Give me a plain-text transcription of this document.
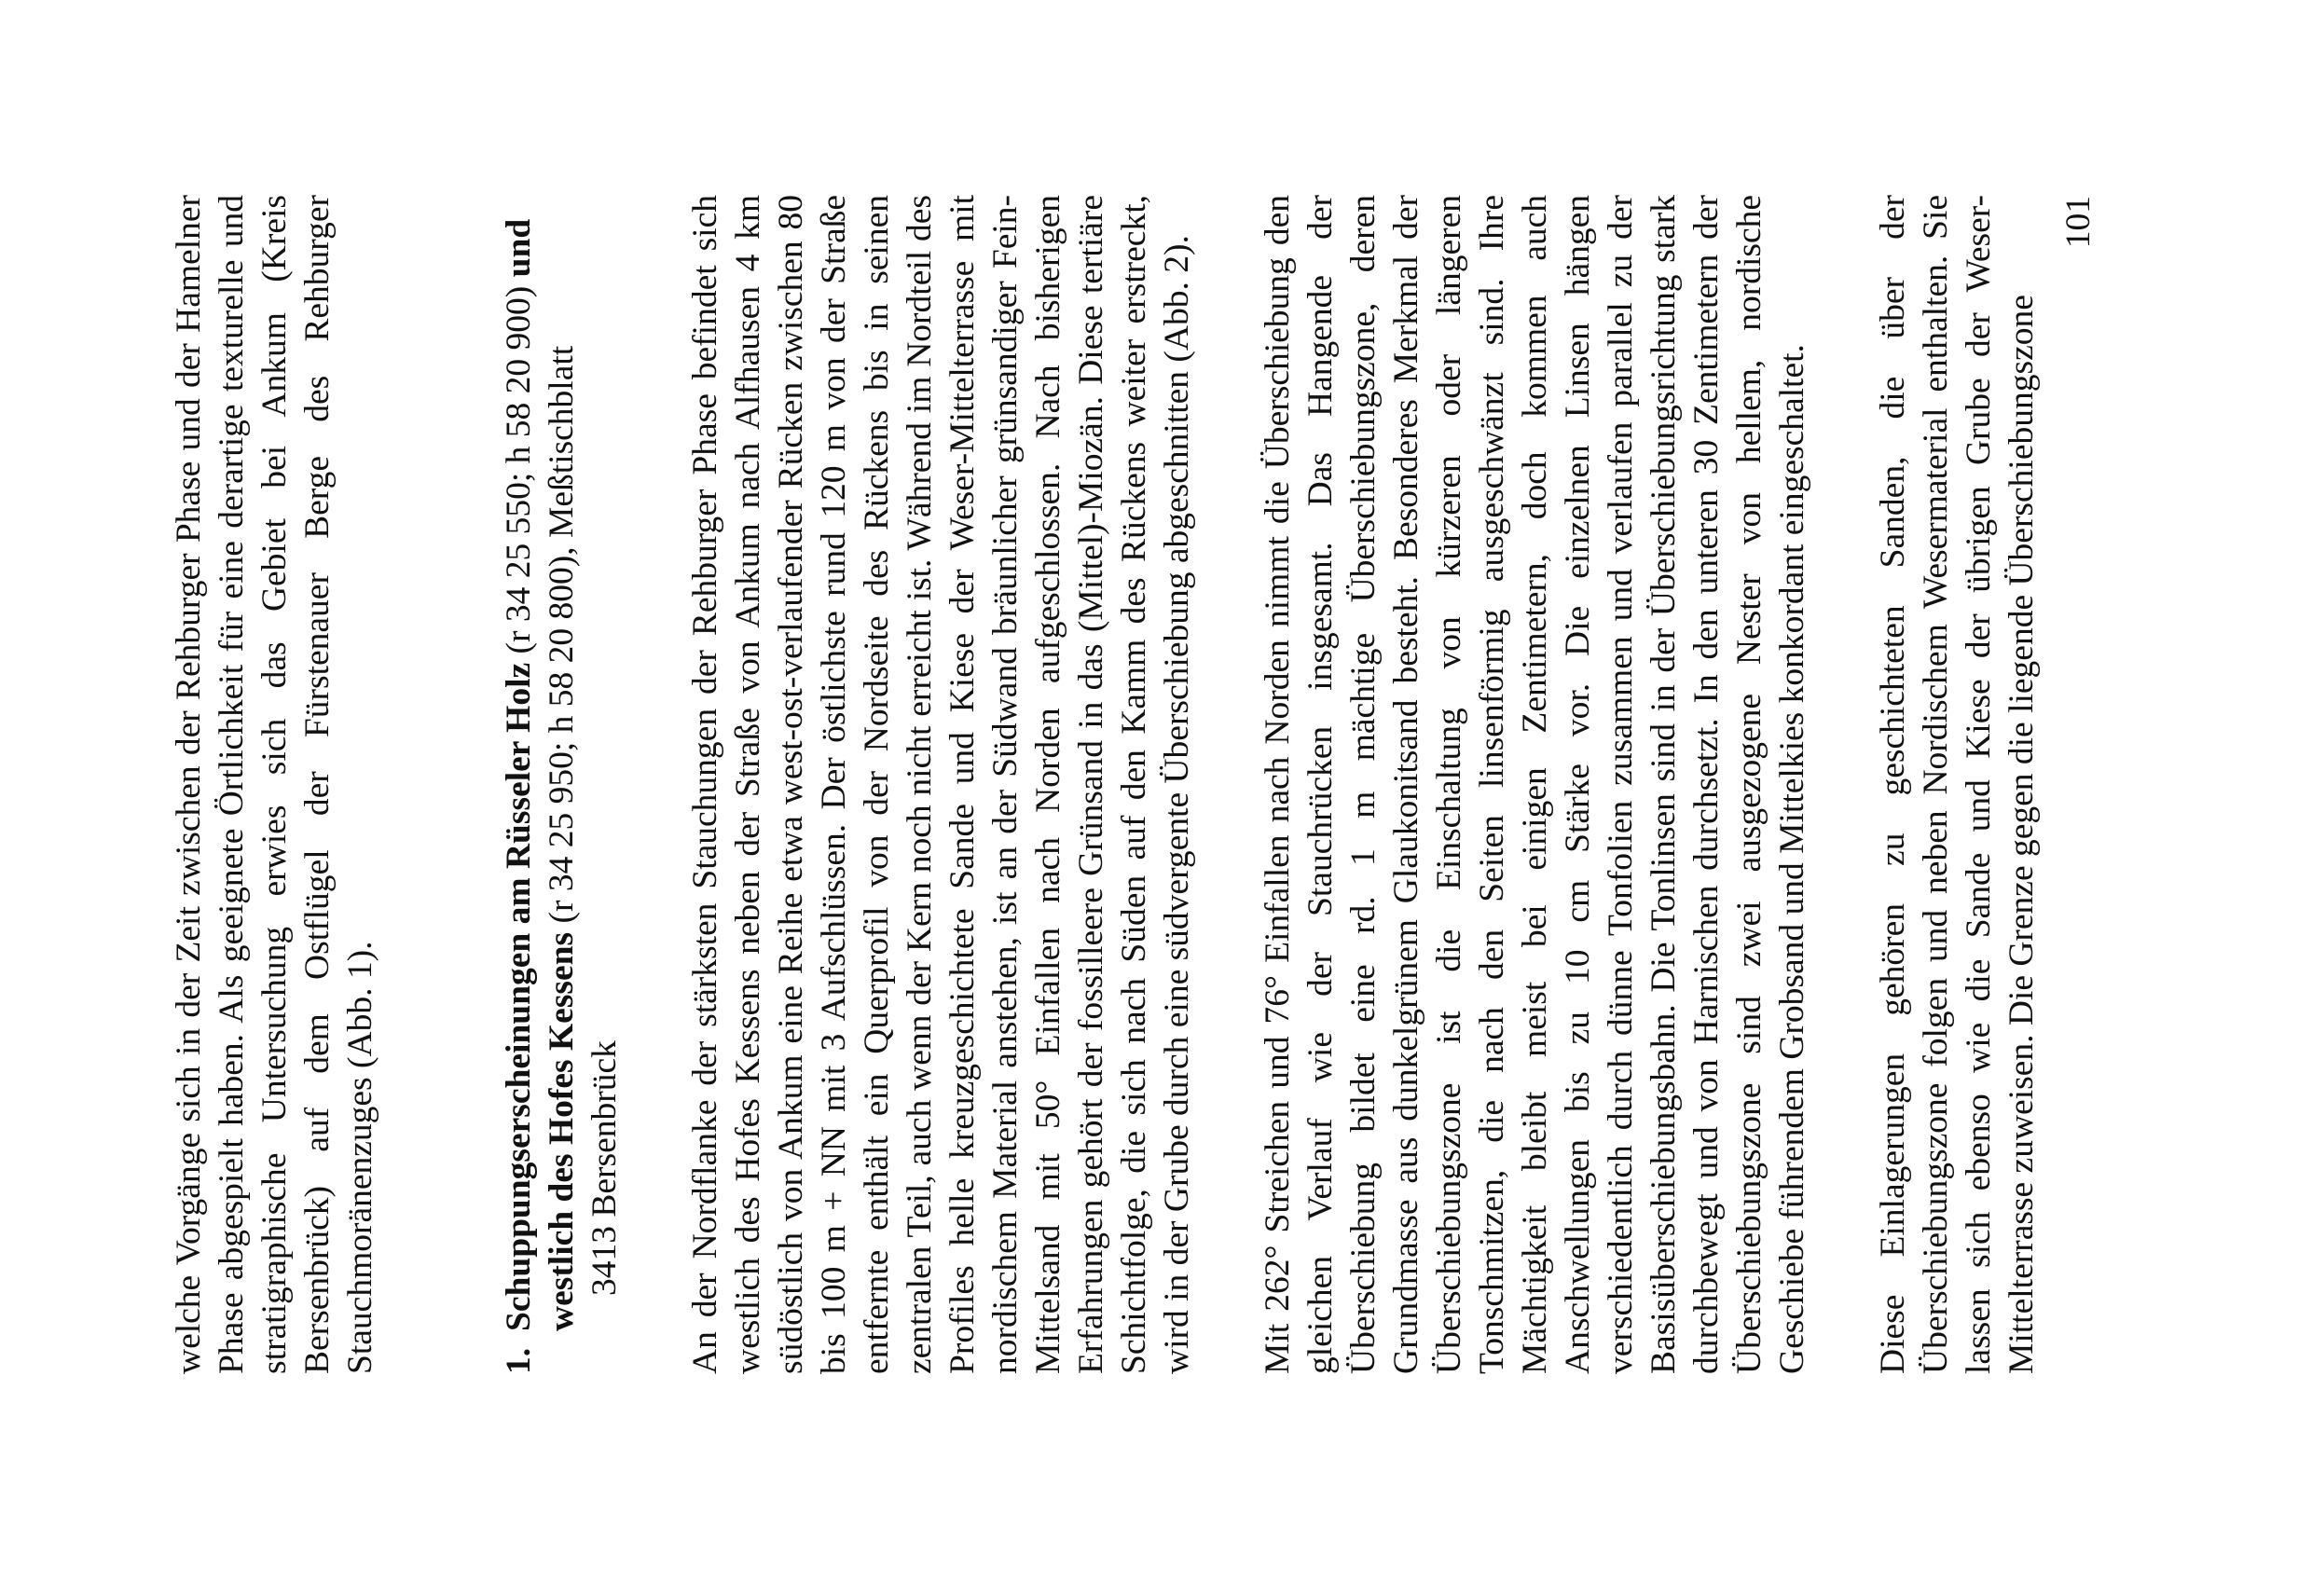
welche Vorgänge sich in der Zeit zwischen der Rehburger Phase und der Hamelner Phase abgespielt haben. Als geeignete Örtlichkeit für eine derartige texturelle und stratigraphische Untersuchung erwies sich das Gebiet bei Ankum (Kreis Bersenbrück) auf dem Ostflügel der Fürstenauer Berge des Rehburger Stauchmoränenzuges (Abb. 1).	1.
Schuppungserscheinungen am Rüsseler Holz (r 34 25 550; h 58 20 900) und westlich des Hofes Kessens (r 34 25 950; h 58 20 800), Meßtischblatt
3413 Bersenbrück An der Nordflanke der stärksten Stauchungen der Rehburger Phase befindet sich westlich des Hofes Kessens neben der Straße von Ankum nach Alfhausen 4 km südöstlich von Ankum eine Reihe etwa west-ost-verlaufender Rücken zwischen 80 bis 100 m + NN mit 3 Aufschlüssen. Der östlichste rund 120 m von der Straße entfernte enthält ein Querprofil von der Nordseite des Rückens bis in seinen zentralen Teil, auch wenn der Kern noch nicht erreicht ist. Während im Nordteil des Profiles helle kreuzgeschichtete Sande und Kiese der Weser-Mittelterrasse mit nordischem Material anstehen, ist an der Südwand bräunlicher grünsandiger Fein-Mittelsand mit 50° Einfallen nach Norden aufgeschlossen. Nach bisherigen Erfahrungen gehört der fossilleere Grünsand in das (Mittel)-Miozän. Diese tertiäre Schichtfolge, die sich nach Süden auf den Kamm des Rückens weiter erstreckt, wird in der Grube durch eine südvergente Überschiebung abgeschnitten (Abb. 2). Mit 262° Streichen und 76° Einfallen nach Norden nimmt die Überschiebung den gleichen Verlauf wie der Stauchrücken insgesamt. Das Hangende der Überschiebung bildet eine rd. 1 m mächtige Überschiebungszone, deren Grundmasse aus dunkelgrünem Glaukonitsand besteht. Besonderes Merkmal der Überschiebungszone ist die Einschaltung von kürzeren oder längeren Tonschmitzen, die nach den Seiten linsenförmig ausgeschwänzt sind. Ihre Mächtigkeit bleibt meist bei einigen Zentimetern, doch kommen auch Anschwellungen bis zu 10 cm Stärke vor. Die einzelnen Linsen hängen verschiedentlich durch dünne Tonfolien zusammen und verlaufen parallel zu der Basisüberschiebungsbahn. Die Tonlinsen sind in der Überschiebungsrichtung stark durchbewegt und von Harnischen durchsetzt. In den unteren 30 Zentimetern der Überschiebungszone sind zwei ausgezogene Nester von hellem, nordische Geschiebe führendem Grobsand und Mittelkies konkordant eingeschaltet. Diese Einlagerungen gehören zu geschichteten Sanden, die über der Überschiebungszone folgen und neben Nordischem Wesermaterial enthalten. Sie lassen sich ebenso wie die Sande und Kiese der übrigen Grube der Weser-Mittelterrasse zuweisen. Die Grenze gegen die liegende Überschiebungszone

101
